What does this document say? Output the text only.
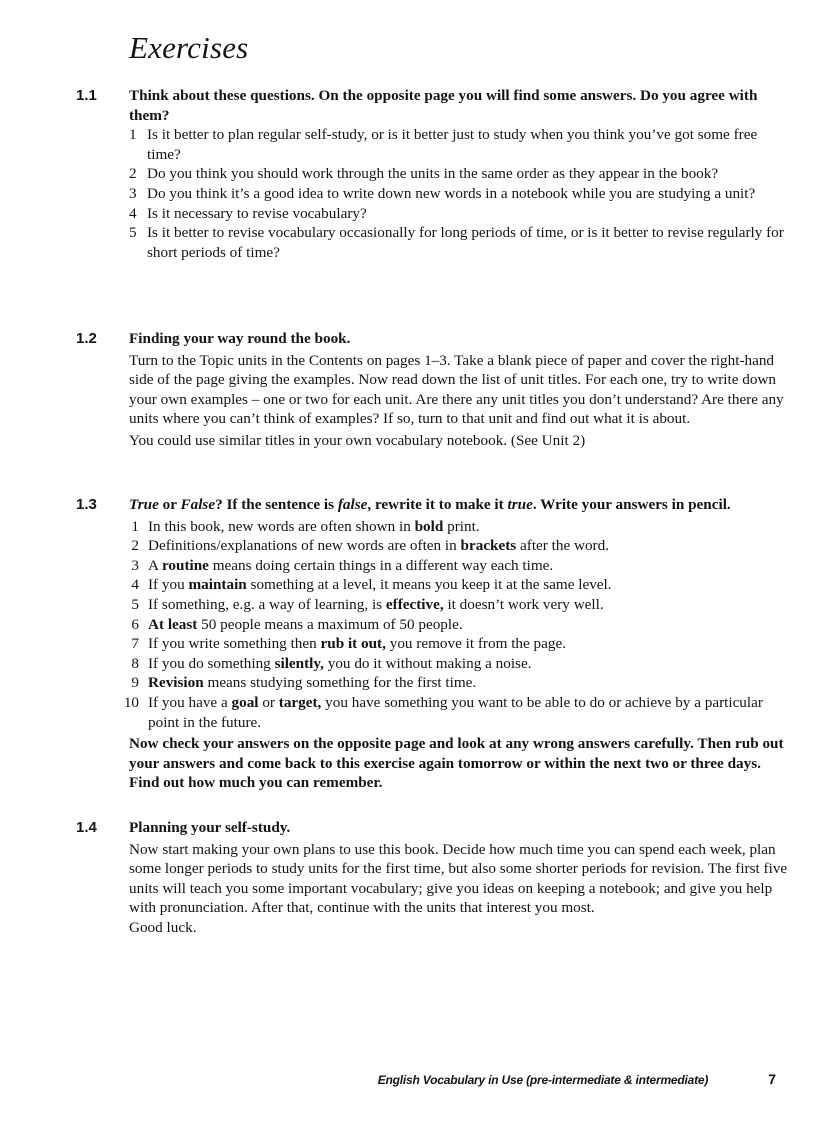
Exercises
1.1 Think about these questions. On the opposite page you will find some answers. Do you agree with them?
1 Is it better to plan regular self-study, or is it better just to study when you think you’ve got some free time?
2 Do you think you should work through the units in the same order as they appear in the book?
3 Do you think it’s a good idea to write down new words in a notebook while you are studying a unit?
4 Is it necessary to revise vocabulary?
5 Is it better to revise vocabulary occasionally for long periods of time, or is it better to revise regularly for short periods of time?
1.2 Finding your way round the book.

Turn to the Topic units in the Contents on pages 1–3. Take a blank piece of paper and cover the right-hand side of the page giving the examples. Now read down the list of unit titles. For each one, try to write down your own examples – one or two for each unit. Are there any unit titles you don’t understand? Are there any units where you can’t think of examples? If so, turn to that unit and find out what it is about.

You could use similar titles in your own vocabulary notebook. (See Unit 2)

1.3 True or False? If the sentence is false, rewrite it to make it true. Write your answers in pencil.
1 In this book, new words are often shown in bold print.
2 Definitions/explanations of new words are often in brackets after the word.
3 A routine means doing certain things in a different way each time.
4 If you maintain something at a level, it means you keep it at the same level.
5 If something, e.g. a way of learning, is effective, it doesn’t work very well.
6 At least 50 people means a maximum of 50 people.
7 If you write something then rub it out, you remove it from the page.
8 If you do something silently, you do it without making a noise.
9 Revision means studying something for the first time.
10 If you have a goal or target, you have something you want to be able to do or achieve by a particular point in the future.
Now check your answers on the opposite page and look at any wrong answers carefully. Then rub out your answers and come back to this exercise again tomorrow or within the next two or three days. Find out how much you can remember.
1.4 Planning your self-study.

Now start making your own plans to use this book. Decide how much time you can spend each week, plan some longer periods to study units for the first time, but also some shorter periods for revision. The first five units will teach you some important vocabulary; give you ideas on keeping a notebook; and give you help with pronunciation. After that, continue with the units that interest you most.

Good luck.

English Vocabulary in Use (pre-intermediate & intermediate)	7
